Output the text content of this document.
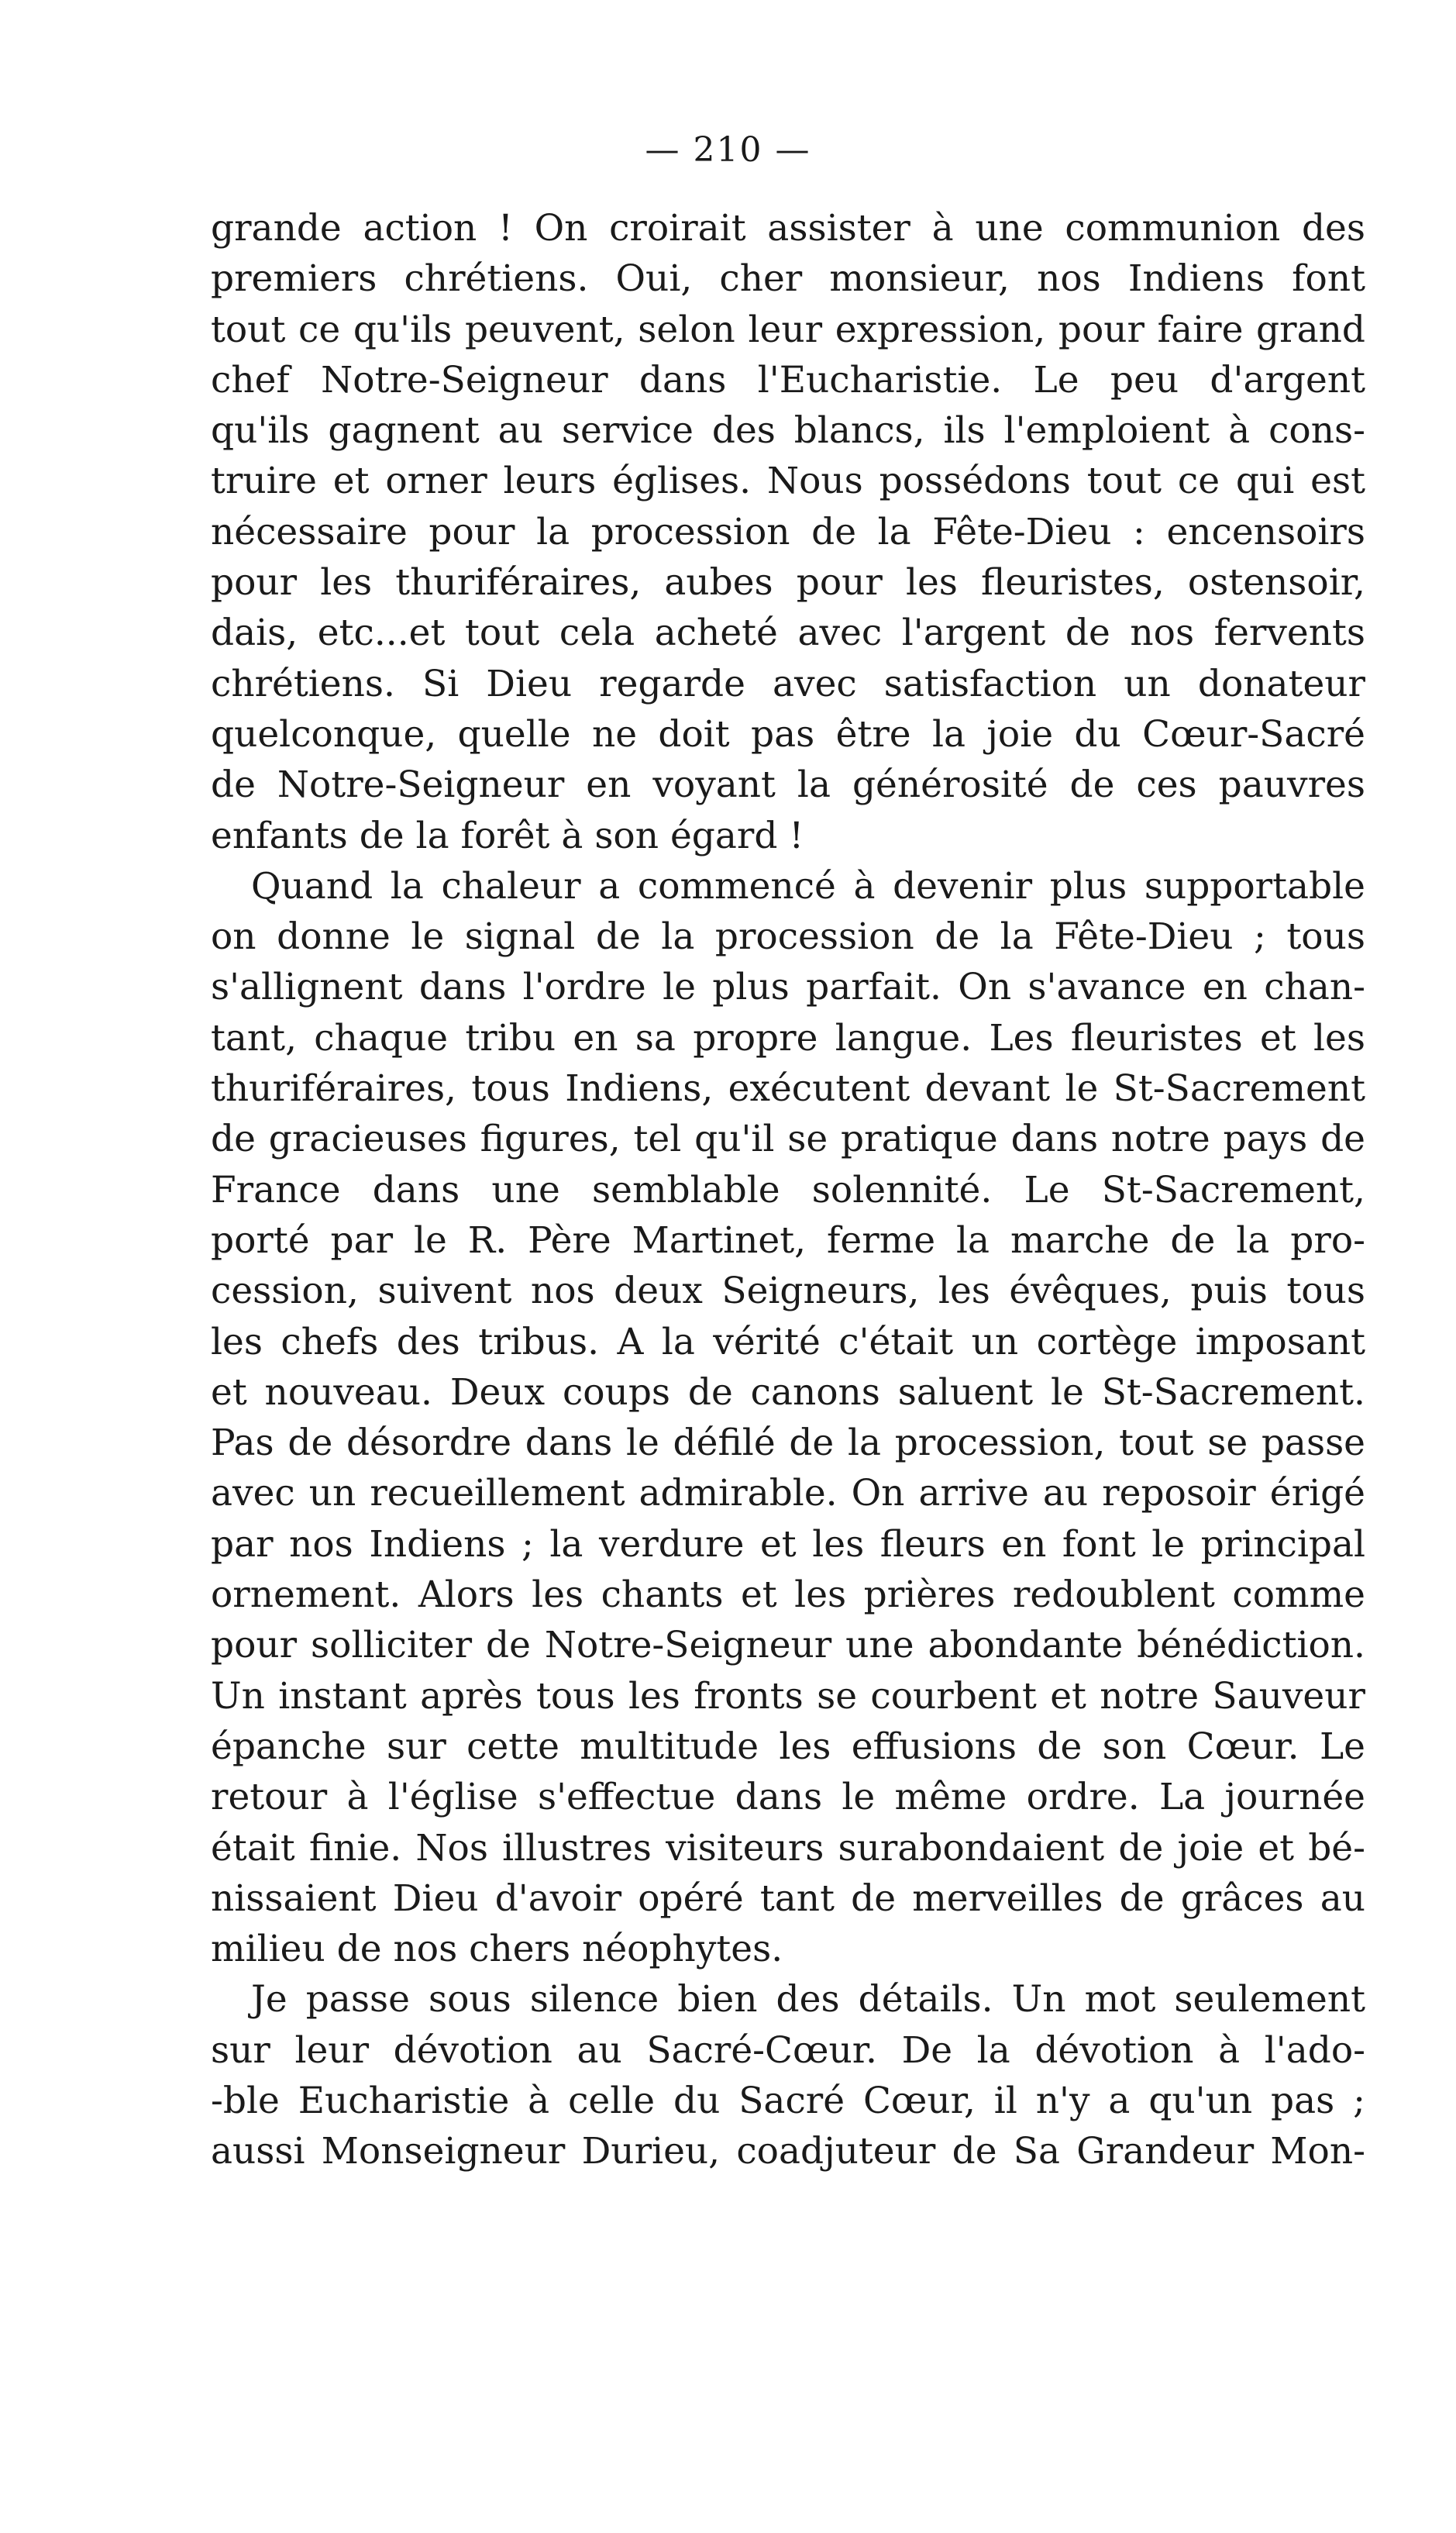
— 210 —
grande action ! On croirait assister à une communion des
premiers chrétiens. Oui, cher monsieur, nos Indiens font
tout ce qu'ils peuvent, selon leur expression, pour faire grand
chef Notre-Seigneur dans l'Eucharistie. Le peu d'argent
qu'ils gagnent au service des blancs, ils l'emploient à cons-
truire et orner leurs églises. Nous possédons tout ce qui est
nécessaire pour la procession de la Fête-Dieu : encensoirs
pour les thuriféraires, aubes pour les fleuristes, ostensoir,
dais, etc...et tout cela acheté avec l'argent de nos fervents
chrétiens. Si Dieu regarde avec satisfaction un donateur
quelconque, quelle ne doit pas être la joie du Cœur-Sacré
de Notre-Seigneur en voyant la générosité de ces pauvres
enfants de la forêt à son égard !
Quand la chaleur a commencé à devenir plus supportable
on donne le signal de la procession de la Fête-Dieu ; tous
s'allignent dans l'ordre le plus parfait. On s'avance en chan-
tant, chaque tribu en sa propre langue. Les fleuristes et les
thuriféraires, tous Indiens, exécutent devant le St-Sacrement
de gracieuses figures, tel qu'il se pratique dans notre pays de
France dans une semblable solennité. Le St-Sacrement,
porté par le R. Père Martinet, ferme la marche de la pro-
cession, suivent nos deux Seigneurs, les évêques, puis tous
les chefs des tribus. A la vérité c'était un cortège imposant
et nouveau. Deux coups de canons saluent le St-Sacrement.
Pas de désordre dans le défilé de la procession, tout se passe
avec un recueillement admirable. On arrive au reposoir érigé
par nos Indiens ; la verdure et les fleurs en font le principal
ornement. Alors les chants et les prières redoublent comme
pour solliciter de Notre-Seigneur une abondante bénédiction.
Un instant après tous les fronts se courbent et notre Sauveur
épanche sur cette multitude les effusions de son Cœur. Le
retour à l'église s'effectue dans le même ordre. La journée
était finie. Nos illustres visiteurs surabondaient de joie et bé-
nissaient Dieu d'avoir opéré tant de merveilles de grâces au
milieu de nos chers néophytes.
Je passe sous silence bien des détails. Un mot seulement
sur leur dévotion au Sacré-Cœur. De la dévotion à l'ado-
-ble Eucharistie à celle du Sacré Cœur, il n'y a qu'un pas ;
aussi Monseigneur Durieu, coadjuteur de Sa Grandeur Mon-
